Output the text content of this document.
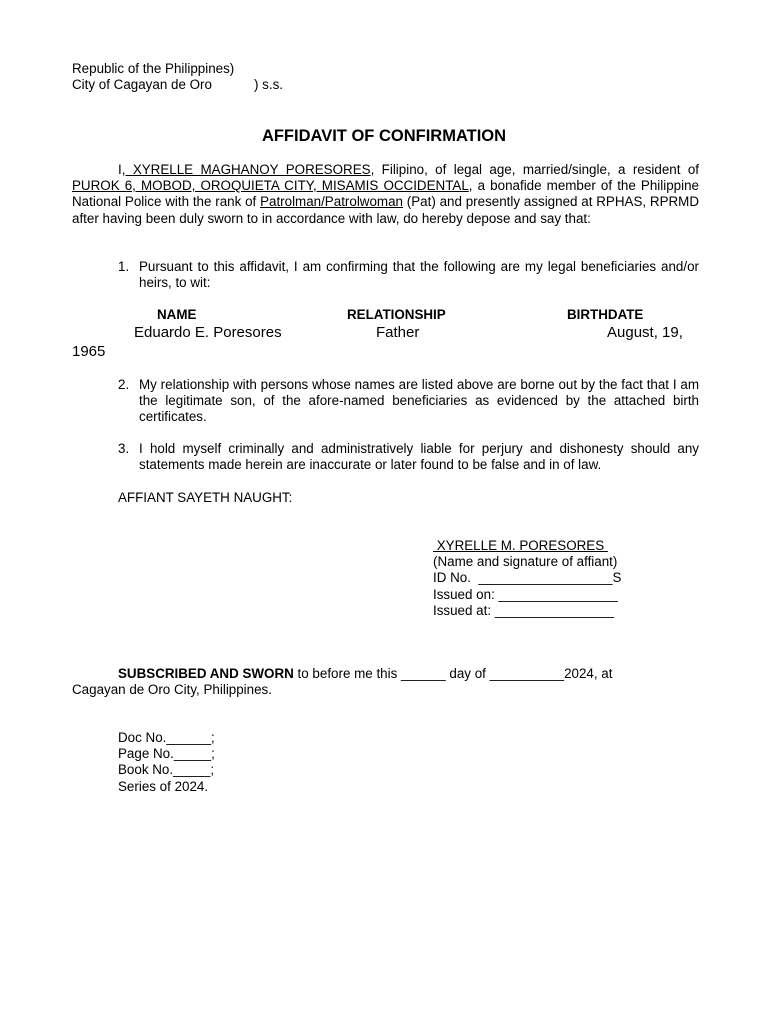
Republic of the Philippines)
City of Cagayan de Oro	) s.s.
AFFIDAVIT OF CONFIRMATION
I, XYRELLE MAGHANOY PORESORES, Filipino, of legal age, married/single, a resident of PUROK 6, MOBOD, OROQUIETA CITY, MISAMIS OCCIDENTAL, a bonafide member of the Philippine National Police with the rank of Patrolman/Patrolwoman (Pat) and presently assigned at RPHAS, RPRMD after having been duly sworn to in accordance with law, do hereby depose and say that:
1. Pursuant to this affidavit, I am confirming that the following are my legal beneficiaries and/or heirs, to wit:
NAME	RELATIONSHIP	BIRTHDATE
Eduardo E. Poresores	Father	August, 19,
1965
2. My relationship with persons whose names are listed above are borne out by the fact that I am the legitimate son, of the afore-named beneficiaries as evidenced by the attached birth certificates.
3. I hold myself criminally and administratively liable for perjury and dishonesty should any statements made herein are inaccurate or later found to be false and in of law.
AFFIANT SAYETH NAUGHT:
XYRELLE M. PORESORES
(Name and signature of affiant)
ID No.  __________________S
Issued on: ________________
Issued at: ________________
SUBSCRIBED AND SWORN to before me this ______ day of __________2024, at
Cagayan de Oro City, Philippines.
Doc No.______;
Page No._____;
Book No._____;
Series of 2024.
